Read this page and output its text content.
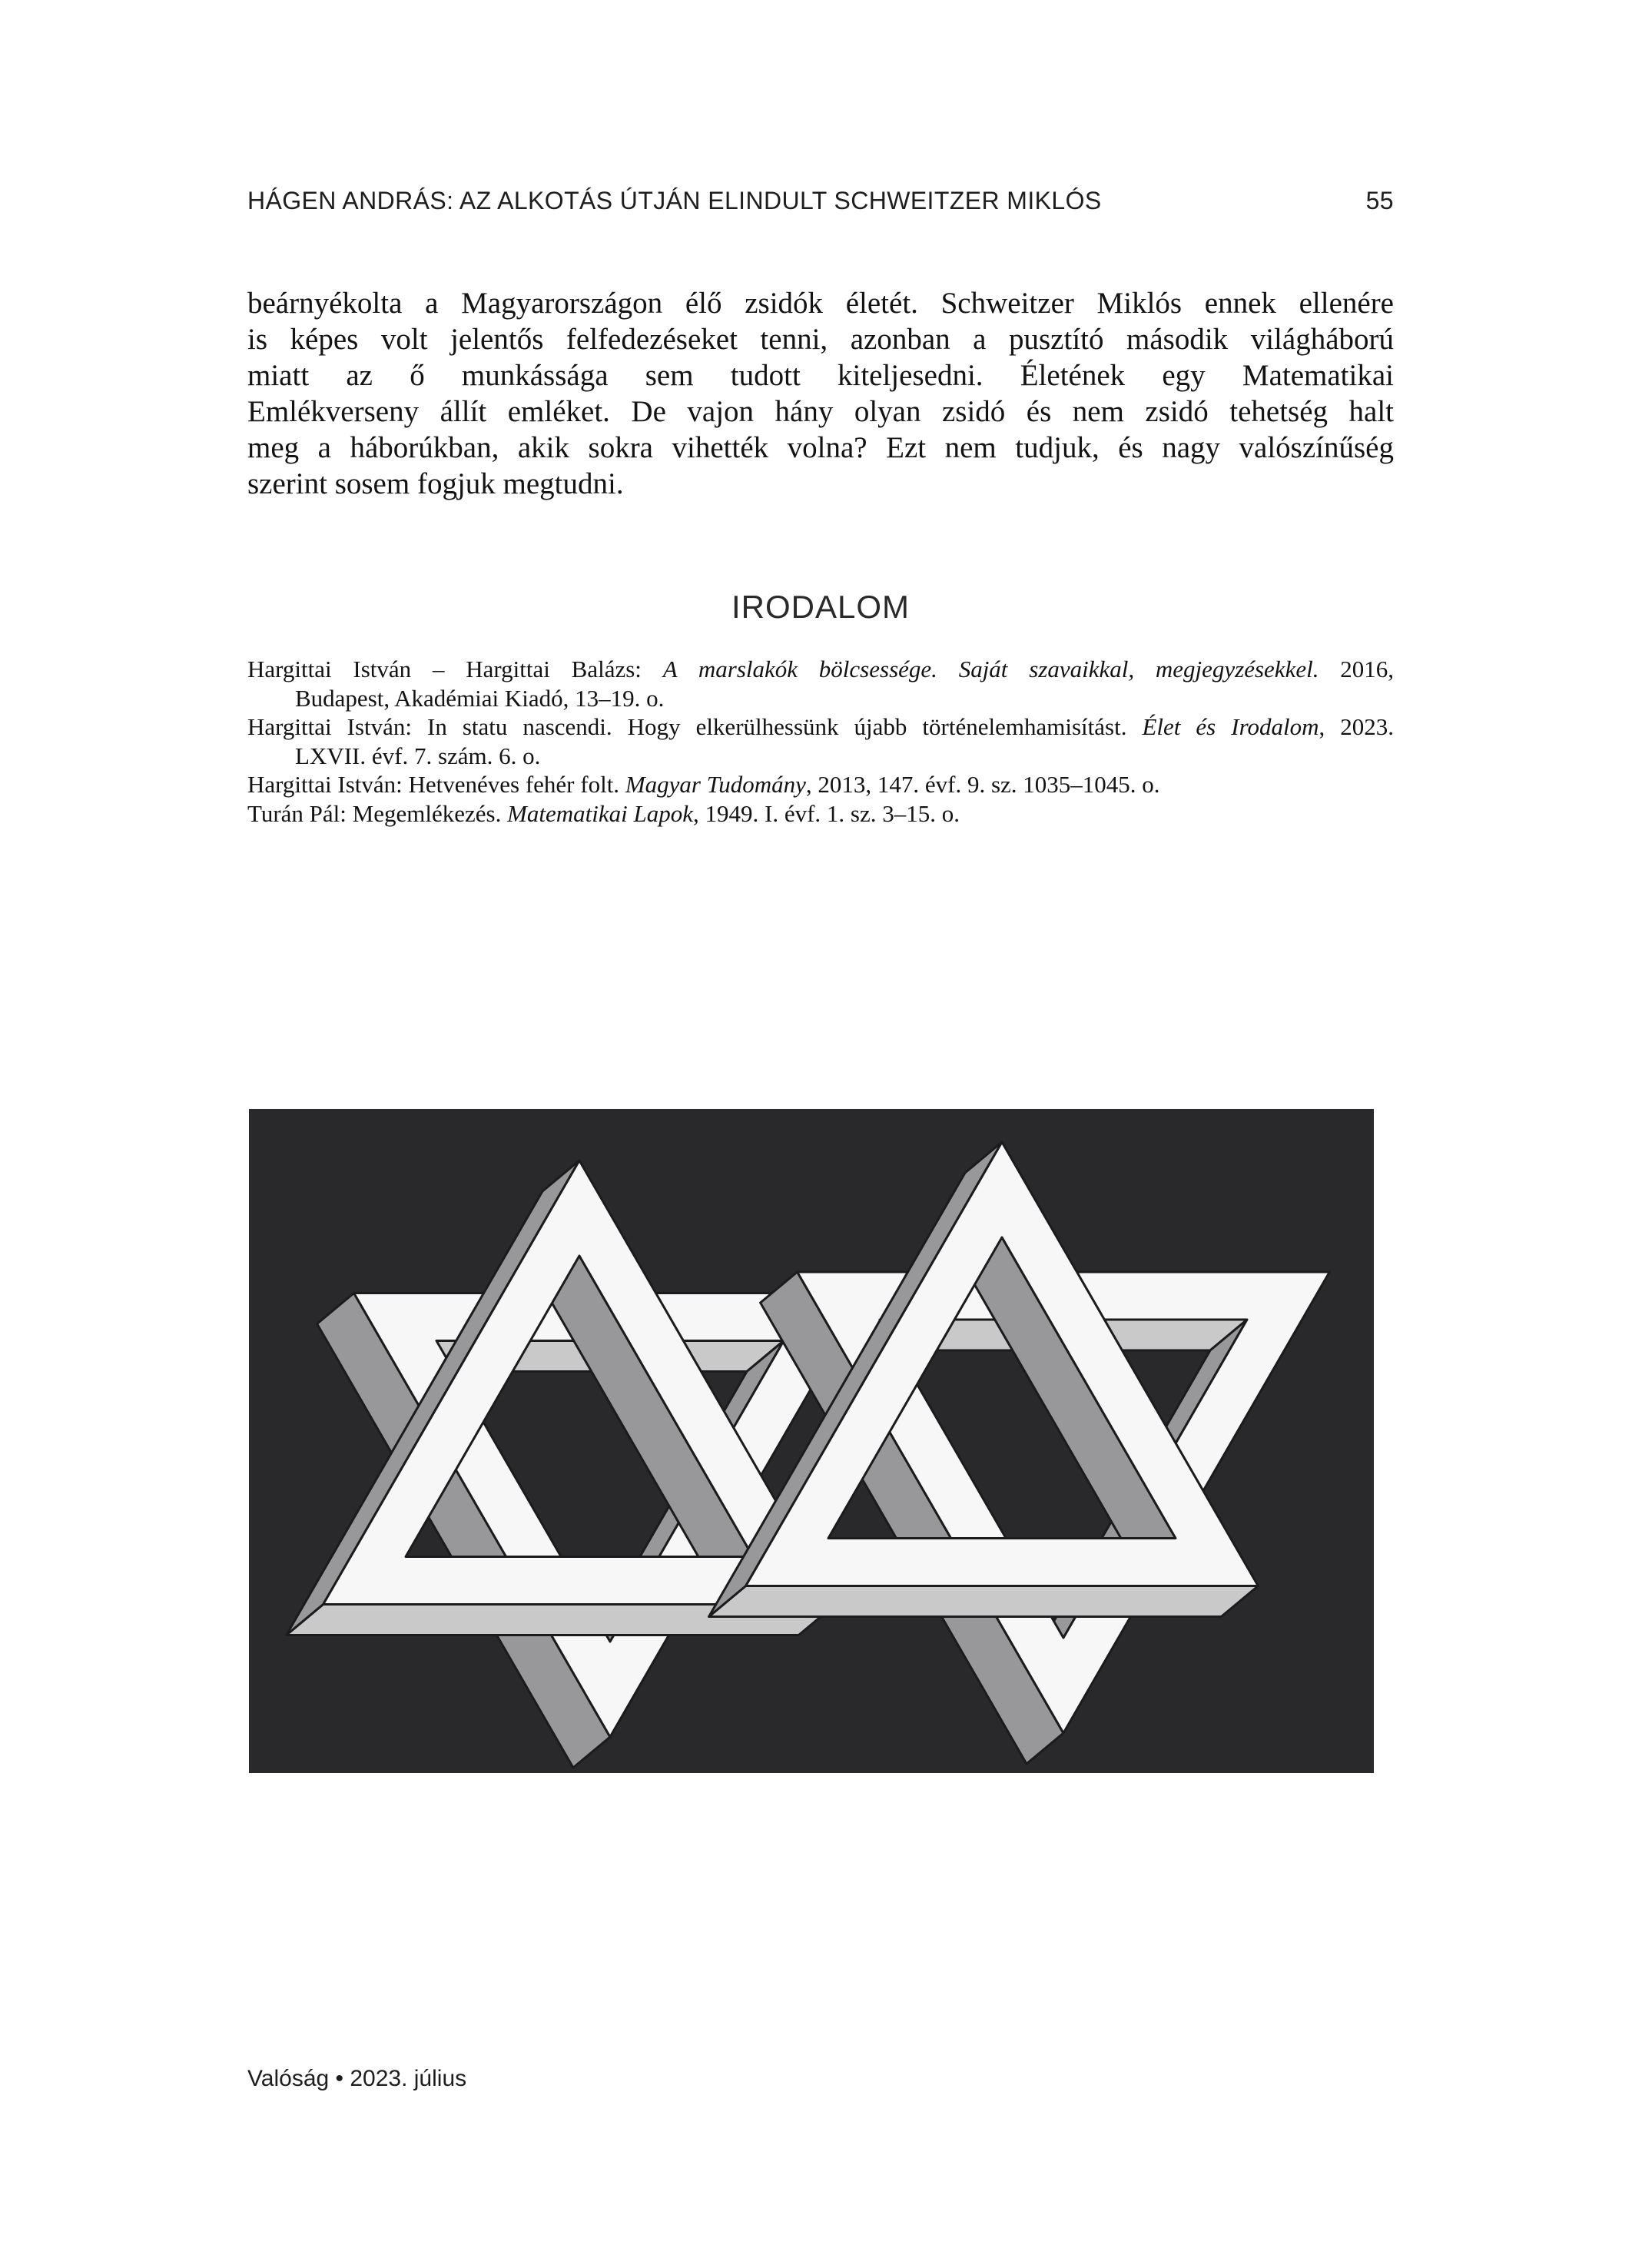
HÁGEN ANDRÁS: AZ ALKOTÁS ÚTJÁN ELINDULT SCHWEITZER MIKLÓS	55
beárnyékolta a Magyarországon élő zsidók életét. Schweitzer Miklós ennek ellenére
is képes volt jelentős felfedezéseket tenni, azonban a pusztító második világháború
miatt az ő munkássága sem tudott kiteljesedni. Életének egy Matematikai
Emlékverseny állít emléket. De vajon hány olyan zsidó és nem zsidó tehetség halt
meg a háborúkban, akik sokra vihették volna? Ezt nem tudjuk, és nagy valószínűség
szerint sosem fogjuk megtudni.
IRODALOM
Hargittai István – Hargittai Balázs: A marslakók bölcsessége. Saját szavaikkal, megjegyzésekkel. 2016,
Budapest, Akadémiai Kiadó, 13–19. o.
Hargittai István: In statu nascendi. Hogy elkerülhessünk újabb történelemhamisítást. Élet és Irodalom, 2023.
LXVII. évf. 7. szám. 6. o.
Hargittai István: Hetvenéves fehér folt. Magyar Tudomány, 2013, 147. évf. 9. sz. 1035–1045. o.
Turán Pál: Megemlékezés. Matematikai Lapok, 1949. I. évf. 1. sz. 3–15. o.
Valóság • 2023. július
